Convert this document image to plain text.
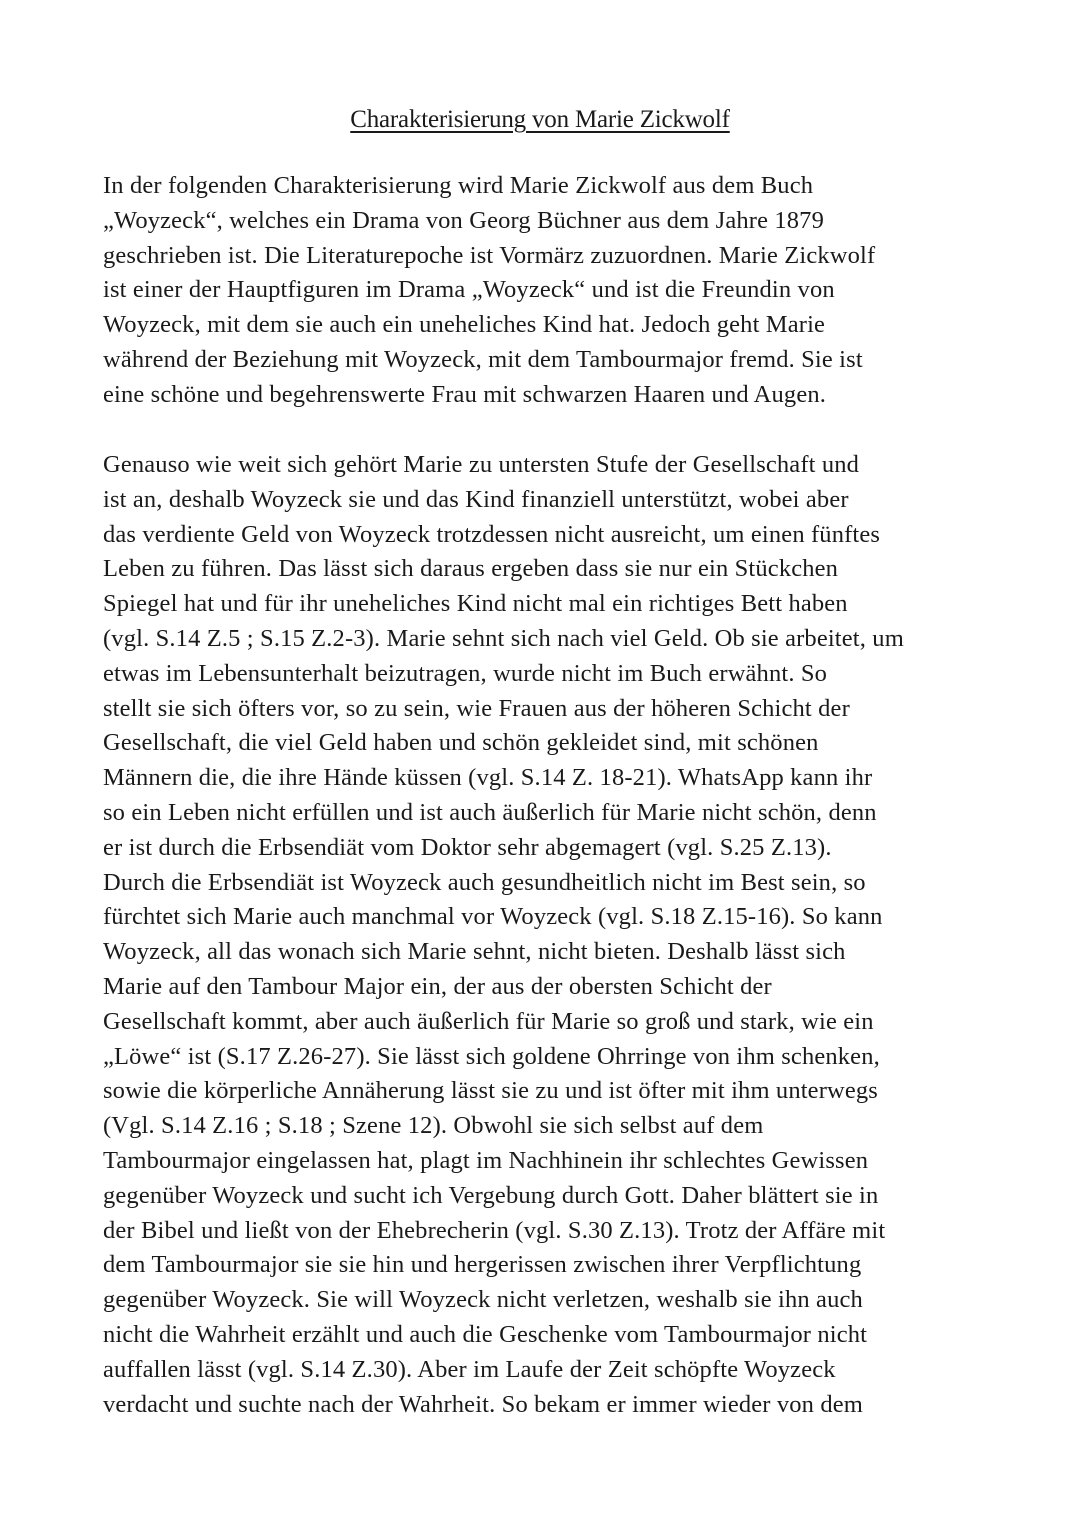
Charakterisierung von Marie Zickwolf
In der folgenden Charakterisierung wird Marie Zickwolf aus dem Buch
„Woyzeck“, welches ein Drama von Georg Büchner aus dem Jahre 1879
geschrieben ist. Die Literaturepoche ist Vormärz zuzuordnen. Marie Zickwolf
ist einer der Hauptfiguren im Drama „Woyzeck“ und ist die Freundin von
Woyzeck, mit dem sie auch ein uneheliches Kind hat. Jedoch geht Marie
während der Beziehung mit Woyzeck, mit dem Tambourmajor fremd. Sie ist
eine schöne und begehrenswerte Frau mit schwarzen Haaren und Augen.
Genauso wie weit sich gehört Marie zu untersten Stufe der Gesellschaft und
ist an, deshalb Woyzeck sie und das Kind finanziell unterstützt, wobei aber
das verdiente Geld von Woyzeck trotzdessen nicht ausreicht, um einen fünftes
Leben zu führen. Das lässt sich daraus ergeben dass sie nur ein Stückchen
Spiegel hat und für ihr uneheliches Kind nicht mal ein richtiges Bett haben
(vgl. S.14 Z.5 ; S.15 Z.2-3). Marie sehnt sich nach viel Geld. Ob sie arbeitet, um
etwas im Lebensunterhalt beizutragen, wurde nicht im Buch erwähnt. So
stellt sie sich öfters vor, so zu sein, wie Frauen aus der höheren Schicht der
Gesellschaft, die viel Geld haben und schön gekleidet sind, mit schönen
Männern die, die ihre Hände küssen (vgl. S.14 Z. 18-21). WhatsApp kann ihr
so ein Leben nicht erfüllen und ist auch äußerlich für Marie nicht schön, denn
er ist durch die Erbsendiät vom Doktor sehr abgemagert (vgl. S.25 Z.13).
Durch die Erbsendiät ist Woyzeck auch gesundheitlich nicht im Best sein, so
fürchtet sich Marie auch manchmal vor Woyzeck (vgl. S.18 Z.15-16). So kann
Woyzeck, all das wonach sich Marie sehnt, nicht bieten. Deshalb lässt sich
Marie auf den Tambour Major ein, der aus der obersten Schicht der
Gesellschaft kommt, aber auch äußerlich für Marie so groß und stark, wie ein
„Löwe“ ist (S.17 Z.26-27). Sie lässt sich goldene Ohrringe von ihm schenken,
sowie die körperliche Annäherung lässt sie zu und ist öfter mit ihm unterwegs
(Vgl. S.14 Z.16 ; S.18 ; Szene 12). Obwohl sie sich selbst auf dem
Tambourmajor eingelassen hat, plagt im Nachhinein ihr schlechtes Gewissen
gegenüber Woyzeck und sucht ich Vergebung durch Gott. Daher blättert sie in
der Bibel und ließt von der Ehebrecherin (vgl. S.30 Z.13). Trotz der Affäre mit
dem Tambourmajor sie sie hin und hergerissen zwischen ihrer Verpflichtung
gegenüber Woyzeck. Sie will Woyzeck nicht verletzen, weshalb sie ihn auch
nicht die Wahrheit erzählt und auch die Geschenke vom Tambourmajor nicht
auffallen lässt (vgl. S.14 Z.30). Aber im Laufe der Zeit schöpfte Woyzeck
verdacht und suchte nach der Wahrheit. So bekam er immer wieder von dem
